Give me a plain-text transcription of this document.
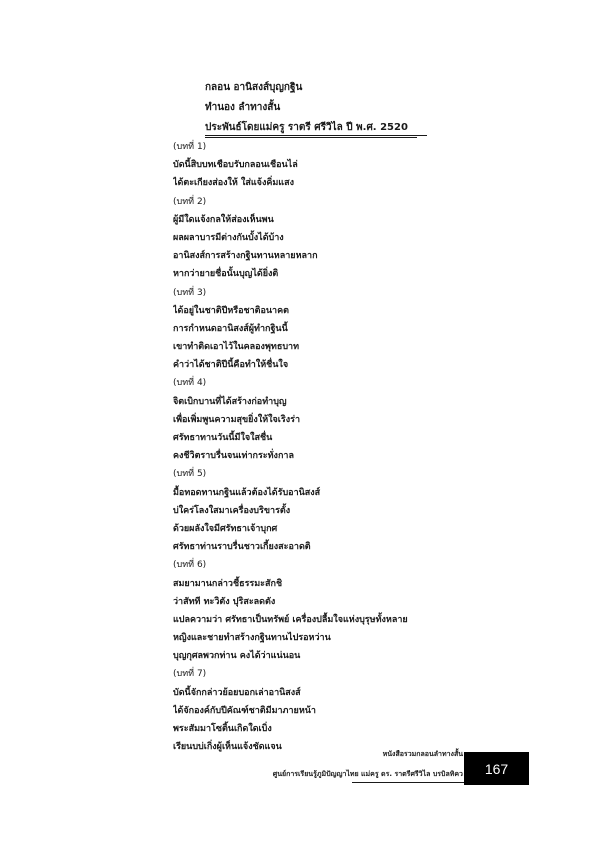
กลอน อานิสงส์บุญกฐิน
ทำนอง ลำทางสั้น
ประพันธ์โดยแม่ครู ราตรี ศรีวิไล ปี พ.ศ. 2520
(บทที่ 1)
บัดนี้สิบบทเชือบรับกลอนเชือนไล่
ได้ตะเกียงส่องให้ ใส่แจ้งคิ่มแสง
(บทที่ 2)
ผู้มีใดแจ้งกลให้ส่องเห็นพน
ผลผลาบารมีต่างกันบั้งได้บ้าง
อานิสงส์การสร้างกฐินทานหลายหลาก
หากว่ายายชื่อนั้นบุญได้ยิ่งติ
(บทที่ 3)
ได้อยู่ในชาติปีหรือชาติอนาคต
การกำหนดอานิสงส์ผู้ทำกฐินนี้
เขาทำติดเอาไว้ในคลองพุทธบาท
คำว่าได้ชาติปีนี้คือทำให้ชื่นใจ
(บทที่ 4)
จิตเบิกบานที่ได้สร้างก่อทำบุญ
เพื่อเพิ่มพูนความสุขยิ่งให้ใจเริงร่า
ศรัทธาทานวันนี้มีใจใสชื่น
คงชีวิตราบรื่นจนเท่ากระทั่งกาล
(บทที่ 5)
มื้อทอดทานกฐินแล้วต้องได้รับอานิสงส์
บ่ใคร่โลงใสมาเครื่องบริขารตั้ง
ด้วยผลังใจมีศรัทธาเจ้าบุกศ
ศรัทธาท่านราบรื่นชาวเกี้ยงสะอาดติ
(บทที่ 6)
สมยามานกล่าวชี้ธรรมะสักชิ
ว่าสัทที ทะวิตัง ปุริสะลดตัง
แปลความว่า ศรัทธาเป็นทรัพย์ เครื่องปลื้มใจแห่งบุรุษทั้งหลาย
หญิงและชายทำสร้างกฐินทานไปรอหว่าน
บุญกุศลพวกท่าน คงได้ว่าแน่นอน
(บทที่ 7)
บัดนี้จักกล่าวย้อยบอกเล่าอานิสงส์
ได้จักองค์กับปีคัณฑ์ชาติมีมาภายหน้า
พระสัมมาโซติ้นเกิดใดเบิ่ง
เรียนบบ่เกิ่งผู้เห็นแจ้งชัดแจน
หนังสือรวมกลอนลำทางสั้น
ศูนย์การเรียนรู้ภูมิปัญญาไทย แม่ครู ดร. ราตรีศรีวิไล บรบิลทิคว 167
